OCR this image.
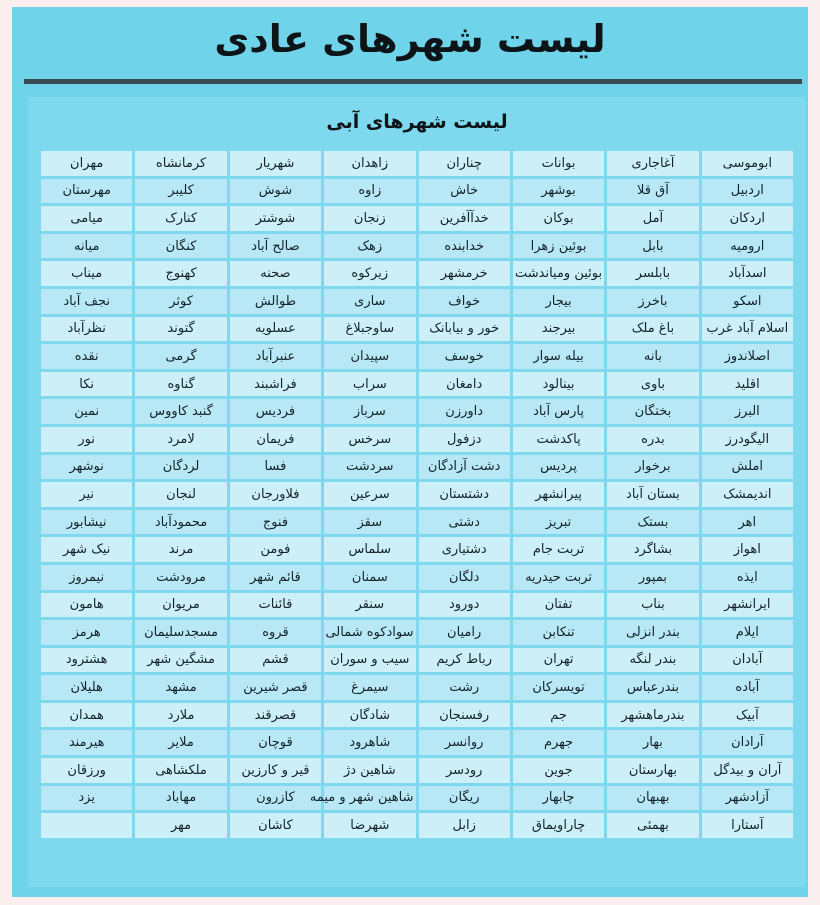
لیست شهرهای عادی
لیست شهرهای آبی
ابوموسی	آغاجاری	بوانات	چناران	زاهدان	شهریار	کرمانشاه	مهران
اردبیل	آق قلا	بوشهر	خاش	زاوه	شوش	کلیبر	مهرستان
اردکان	آمل	بوکان	خدآآفرین	زنجان	شوشتر	کنارک	میامی
ارومیه	بابل	بوئین زهرا	خدابنده	زهک	صالح آباد	کنگان	میانه
اسدآباد	بابلسر	بوئین ومیاندشت	خرمشهر	زیرکوه	صحنه	کهنوج	میناب
اسکو	باخرز	بیجار	خواف	ساری	طوالش	کوثر	نجف آباد
اسلام آباد غرب	باغ ملک	بیرجند	خور و بیابانک	ساوجبلاغ	عسلویه	گتوند	نظرآباد
اصلاندوز	بانه	بیله سوار	خوسف	سپیدان	عنبرآباد	گرمی	نقده
اقلید	باوی	بینالود	دامغان	سراب	فراشبند	گناوه	نکا
البرز	بختگان	پارس آباد	داورزن	سرباز	فردیس	گنبد کاووس	نمین
الیگودرز	بدره	پاکدشت	دزفول	سرخس	فریمان	لامرد	نور
املش	برخوار	پردیس	دشت آزادگان	سردشت	فسا	لردگان	نوشهر
اندیمشک	بستان آباد	پیرانشهر	دشتستان	سرعین	فلاورجان	لنجان	نیر
اهر	بستک	تبریز	دشتی	سقز	فنوج	محمودآباد	نیشابور
اهواز	بشاگرد	تربت جام	دشتیاری	سلماس	فومن	مرند	نیک شهر
ایذه	بمپور	تربت حیدریه	دلگان	سمنان	قائم شهر	مرودشت	نیمروز
ایرانشهر	بناب	تفتان	دورود	سنقر	قائنات	مریوان	هامون
ایلام	بندر انزلی	تنکابن	رامیان	سوادکوه شمالی	قروه	مسجدسلیمان	هرمز
آبادان	بندر لنگه	تهران	رباط کریم	سیب و سوران	قشم	مشگین شهر	هشترود
آباده	بندرعباس	تویسرکان	رشت	سیمرغ	قصر شیرین	مشهد	هلیلان
آبیک	بندرماهشهر	جم	رفسنجان	شادگان	قصرقند	ملارد	همدان
آرادان	بهار	جهرم	روانسر	شاهرود	قوچان	ملایر	هیرمند
آران و بیدگل	بهارستان	جوین	رودسر	شاهین دژ	قیر و کارزین	ملکشاهی	ورزقان
آزادشهر	بهبهان	چابهار	ریگان	شاهین شهر و میمه	کازرون	مهاباد	یزد
آستارا	بهمئی	چاراویماق	زابل	شهرضا	کاشان	مهر	
